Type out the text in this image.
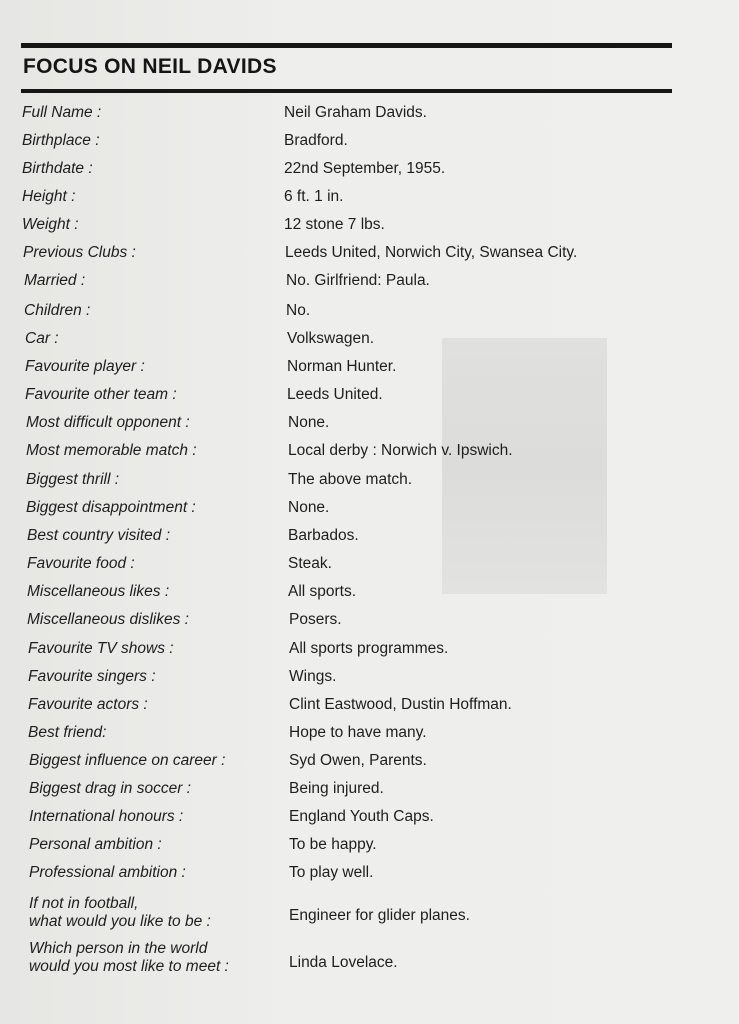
FOCUS ON NEIL DAVIDS
Full Name :	Neil Graham Davids.
Birthplace :	Bradford.
Birthdate :	22nd September, 1955.
Height :	6 ft. 1 in.
Weight :	12 stone 7 lbs.
Previous Clubs :	Leeds United, Norwich City, Swansea City.
Married :	No. Girlfriend: Paula.
Children :	No.
Car :	Volkswagen.
Favourite player :	Norman Hunter.
Favourite other team :	Leeds United.
Most difficult opponent :	None.
Most memorable match :	Local derby : Norwich v. Ipswich.
Biggest thrill :	The above match.
Biggest disappointment :	None.
Best country visited :	Barbados.
Favourite food :	Steak.
Miscellaneous likes :	All sports.
Miscellaneous dislikes :	Posers.
Favourite TV shows :	All sports programmes.
Favourite singers :	Wings.
Favourite actors :	Clint Eastwood, Dustin Hoffman.
Best friend:	Hope to have many.
Biggest influence on career :	Syd Owen, Parents.
Biggest drag in soccer :	Being injured.
International honours :	England Youth Caps.
Personal ambition :	To be happy.
Professional ambition :	To play well.
If not in football,
what would you like to be :	Engineer for glider planes.
Which person in the world
would you most like to meet :	Linda Lovelace.
